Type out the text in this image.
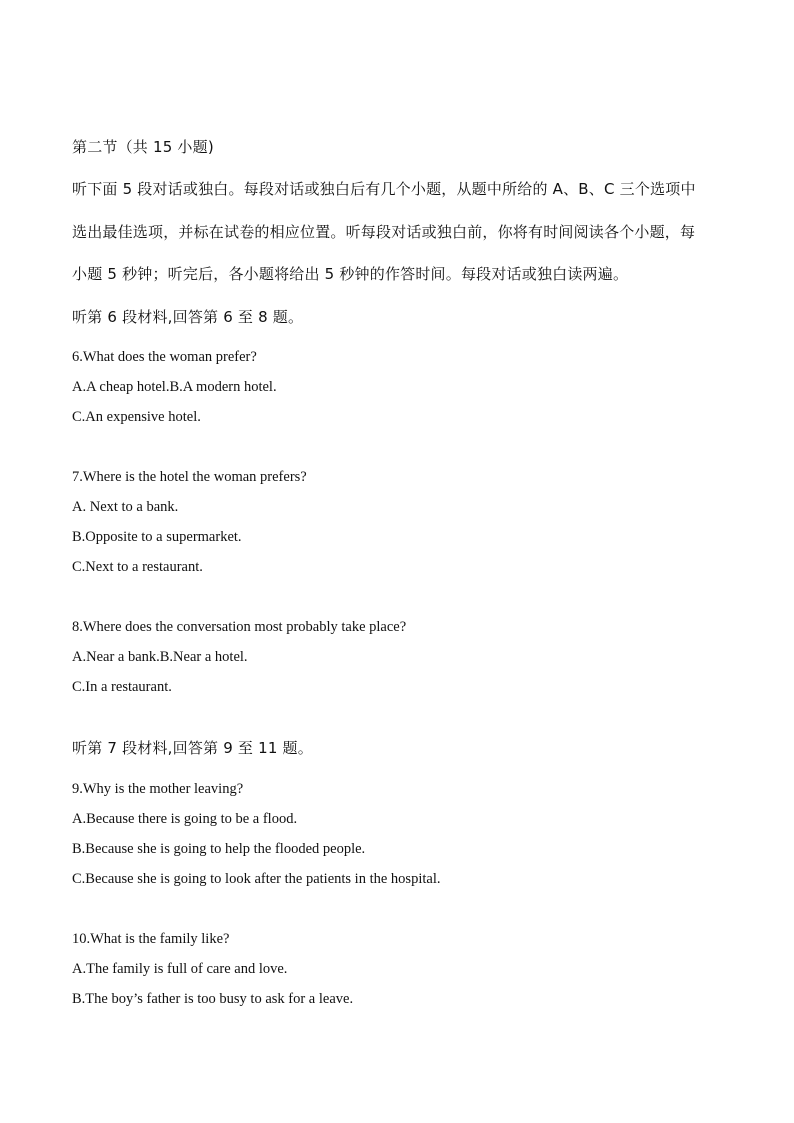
第二节（共 15 小题)
听下面 5 段对话或独白。每段对话或独白后有几个小题，从题中所给的 A、B、C 三个选项中
选出最佳选项，并标在试卷的相应位置。听每段对话或独白前，你将有时间阅读各个小题，每
小题 5 秒钟；听完后，各小题将给出 5 秒钟的作答时间。每段对话或独白读两遍。
听第 6 段材料,回答第 6 至 8 题。
6.What does the woman prefer?
A.A cheap hotel.B.A modern hotel.
C.An expensive hotel.
7.Where is the hotel the woman prefers?
A. Next to a bank.
B.Opposite to a supermarket.
C.Next to a restaurant.
8.Where does the conversation most probably take place?
A.Near a bank.B.Near a hotel.
C.In a restaurant.
听第 7 段材料,回答第 9 至 11 题。
9.Why is the mother leaving?
A.Because there is going to be a flood.
B.Because she is going to help the flooded people.
C.Because she is going to look after the patients in the hospital.
10.What is the family like?
A.The family is full of care and love.
B.The boy’s father is too busy to ask for a leave.
